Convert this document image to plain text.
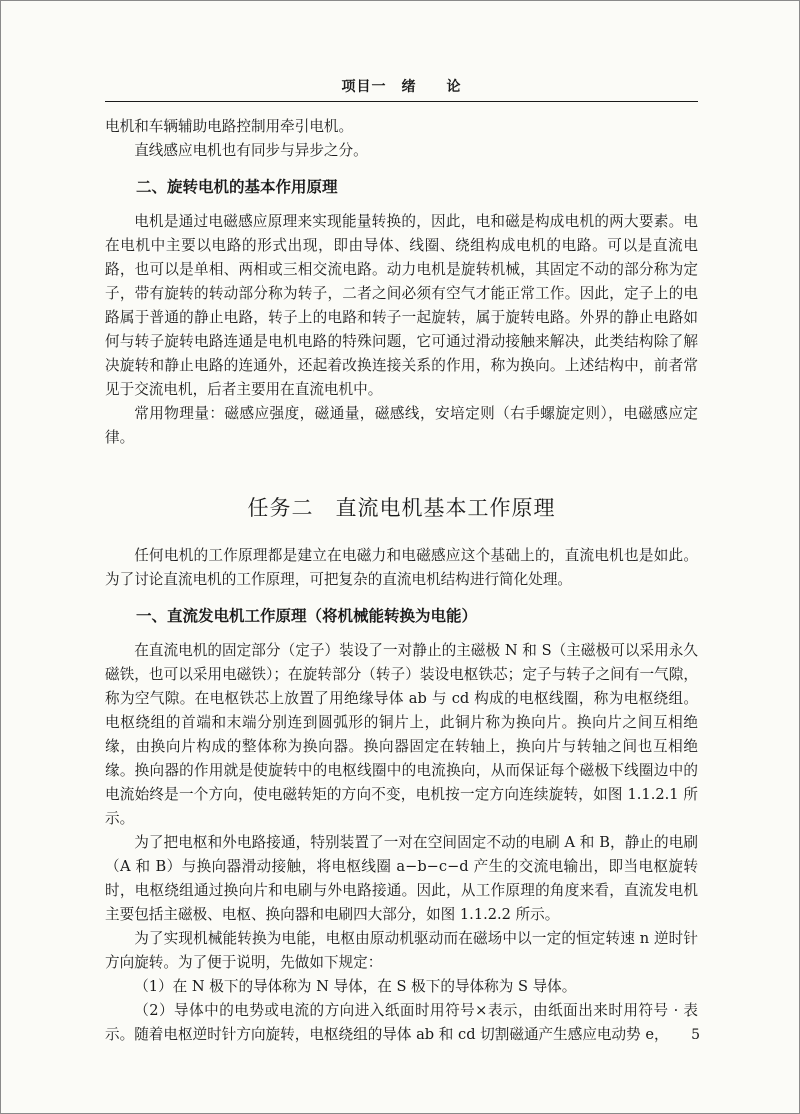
项目一　绪　　论

电机和车辆辅助电路控制用牵引电机。

直线感应电机也有同步与异步之分。

二、旋转电机的基本作用原理

电机是通过电磁感应原理来实现能量转换的，因此，电和磁是构成电机的两大要素。电在电机中主要以电路的形式出现，即由导体、线圈、绕组构成电机的电路。可以是直流电路，也可以是单相、两相或三相交流电路。动力电机是旋转机械，其固定不动的部分称为定子，带有旋转的转动部分称为转子，二者之间必须有空气才能正常工作。因此，定子上的电路属于普通的静止电路，转子上的电路和转子一起旋转，属于旋转电路。外界的静止电路如何与转子旋转电路连通是电机电路的特殊问题，它可通过滑动接触来解决，此类结构除了解决旋转和静止电路的连通外，还起着改换连接关系的作用，称为换向。上述结构中，前者常见于交流电机，后者主要用在直流电机中。

常用物理量：磁感应强度，磁通量，磁感线，安培定则（右手螺旋定则），电磁感应定律。

任务二　直流电机基本工作原理

任何电机的工作原理都是建立在电磁力和电磁感应这个基础上的，直流电机也是如此。为了讨论直流电机的工作原理，可把复杂的直流电机结构进行简化处理。

一、直流发电机工作原理（将机械能转换为电能）

在直流电机的固定部分（定子）装设了一对静止的主磁极 N 和 S（主磁极可以采用永久磁铁，也可以采用电磁铁）；在旋转部分（转子）装设电枢铁芯；定子与转子之间有一气隙，称为空气隙。在电枢铁芯上放置了用绝缘导体 ab 与 cd 构成的电枢线圈，称为电枢绕组。电枢绕组的首端和末端分别连到圆弧形的铜片上，此铜片称为换向片。换向片之间互相绝缘，由换向片构成的整体称为换向器。换向器固定在转轴上，换向片与转轴之间也互相绝缘。换向器的作用就是使旋转中的电枢线圈中的电流换向，从而保证每个磁极下线圈边中的电流始终是一个方向，使电磁转矩的方向不变，电机按一定方向连续旋转，如图 1.1.2.1 所示。

为了把电枢和外电路接通，特别装置了一对在空间固定不动的电刷 A 和 B，静止的电刷（A 和 B）与换向器滑动接触，将电枢线圈 a−b−c−d 产生的交流电输出，即当电枢旋转时，电枢绕组通过换向片和电刷与外电路接通。因此，从工作原理的角度来看，直流发电机主要包括主磁极、电枢、换向器和电刷四大部分，如图 1.1.2.2 所示。

为了实现机械能转换为电能，电枢由原动机驱动而在磁场中以一定的恒定转速 n 逆时针方向旋转。为了便于说明，先做如下规定：

（1）在 N 极下的导体称为 N 导体，在 S 极下的导体称为 S 导体。

（2）导体中的电势或电流的方向进入纸面时用符号×表示，由纸面出来时用符号 · 表示。随着电枢逆时针方向旋转，电枢绕组的导体 ab 和 cd 切割磁通产生感应电动势 e，	5
